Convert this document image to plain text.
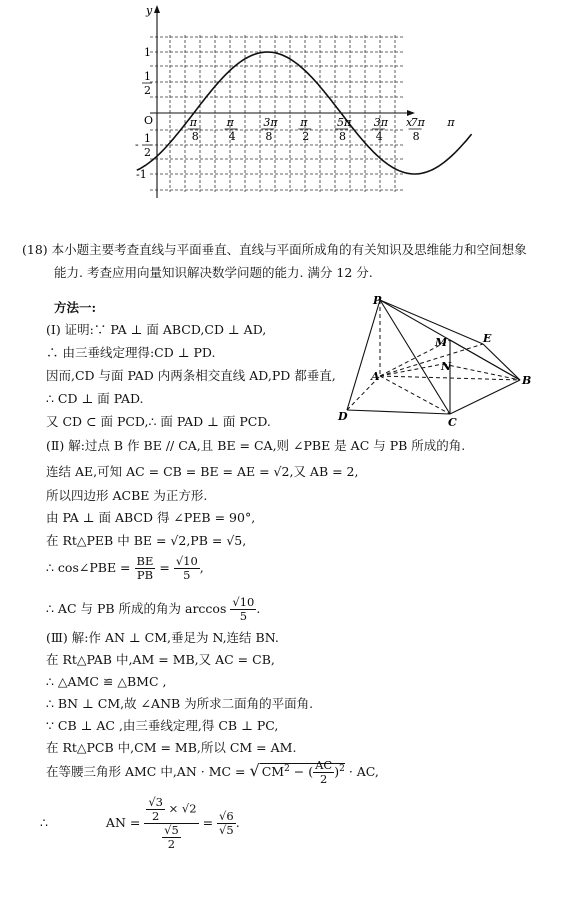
y
x
O
1
1
2
- 1
2
-1
π
8
π
4
3π
8
π
2
5π
8
3π
4
7π
8
π
(18) 本小题主要考查直线与平面垂直、直线与平面所成角的有关知识及思维能力和空间想象
能力. 考查应用向量知识解决数学问题的能力. 满分 12 分.
P
E
M
N
A	B
D	C
方法一:
(Ⅰ) 证明:∵ PA ⊥ 面 ABCD,CD ⊥ AD,
∴ 由三垂线定理得:CD ⊥ PD.
因而,CD 与面 PAD 内两条相交直线 AD,PD 都垂直,
∴ CD ⊥ 面 PAD.
又 CD ⊂ 面 PCD,∴ 面 PAD ⊥ 面 PCD.
(Ⅱ) 解:过点 B 作 BE // CA,且 BE = CA,则 ∠PBE 是 AC 与 PB 所成的角.
连结 AE,可知 AC = CB = BE = AE = √2,又 AB = 2,
所以四边形 ACBE 为正方形.
由 PA ⊥ 面 ABCD 得 ∠PEB = 90°,
在 Rt△PEB 中 BE = √2,PB = √5,
∴ cos∠PBE = $\frac{BE}{PB} = \frac{√10}{5}$ ,
∴ AC 与 PB 所成的角为 $\arccos \frac{√10}{5}$ .
(Ⅲ) 解:作 AN ⊥ CM,垂足为 N,连结 BN.
在 Rt△PAB 中,AM = MB,又 AC = CB,
∴ △AMC ≌ △BMC ,
∴ BN ⊥ CM,故 ∠ANB 为所求二面角的平面角.
∵ CB ⊥ AC ,由三垂线定理,得 CB ⊥ PC,
在 Rt△PCB 中,CM = MB,所以 CM = AM.
在等腰三角形 AMC 中,AN · MC = √ $CM^2$ − ( $\frac{AC}{2} )^2$ · AC,
∴	AN = $\frac{\frac{√3}{2} \times √2}{\frac{√5}{2}} = \frac{√6}{√5}$ .
